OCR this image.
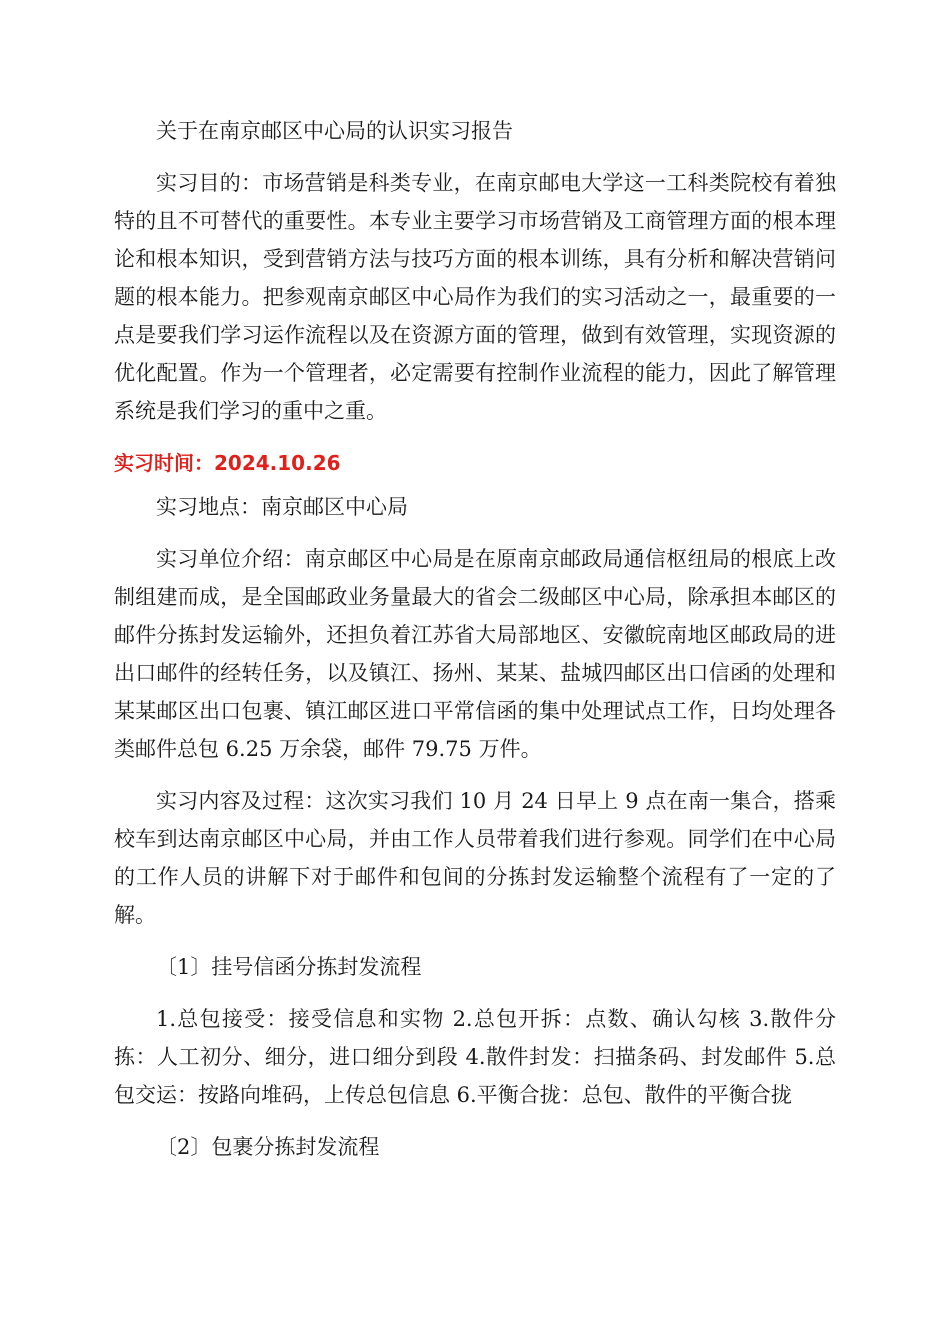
关于在南京邮区中心局的认识实习报告

实习目的：市场营销是科类专业，在南京邮电大学这一工科类院校有着独特的且不可替代的重要性。本专业主要学习市场营销及工商管理方面的根本理论和根本知识，受到营销方法与技巧方面的根本训练，具有分析和解决营销问题的根本能力。把参观南京邮区中心局作为我们的实习活动之一，最重要的一点是要我们学习运作流程以及在资源方面的管理，做到有效管理，实现资源的优化配置。作为一个管理者，必定需要有控制作业流程的能力，因此了解管理系统是我们学习的重中之重。

实习时间：2024.10.26

实习地点：南京邮区中心局

实习单位介绍：南京邮区中心局是在原南京邮政局通信枢纽局的根底上改制组建而成，是全国邮政业务量最大的省会二级邮区中心局，除承担本邮区的邮件分拣封发运输外，还担负着江苏省大局部地区、安徽皖南地区邮政局的进出口邮件的经转任务，以及镇江、扬州、某某、盐城四邮区出口信函的处理和某某邮区出口包裹、镇江邮区进口平常信函的集中处理试点工作，日均处理各类邮件总包 6.25 万余袋，邮件 79.75 万件。

实习内容及过程：这次实习我们 10 月 24 日早上 9 点在南一集合，搭乘校车到达南京邮区中心局，并由工作人员带着我们进行参观。同学们在中心局的工作人员的讲解下对于邮件和包间的分拣封发运输整个流程有了一定的了解。

〔1〕挂号信函分拣封发流程

1.总包接受：接受信息和实物 2.总包开拆：点数、确认勾核 3.散件分拣：人工初分、细分，进口细分到段 4.散件封发：扫描条码、封发邮件 5.总包交运：按路向堆码，上传总包信息 6.平衡合拢：总包、散件的平衡合拢

〔2〕包裹分拣封发流程
